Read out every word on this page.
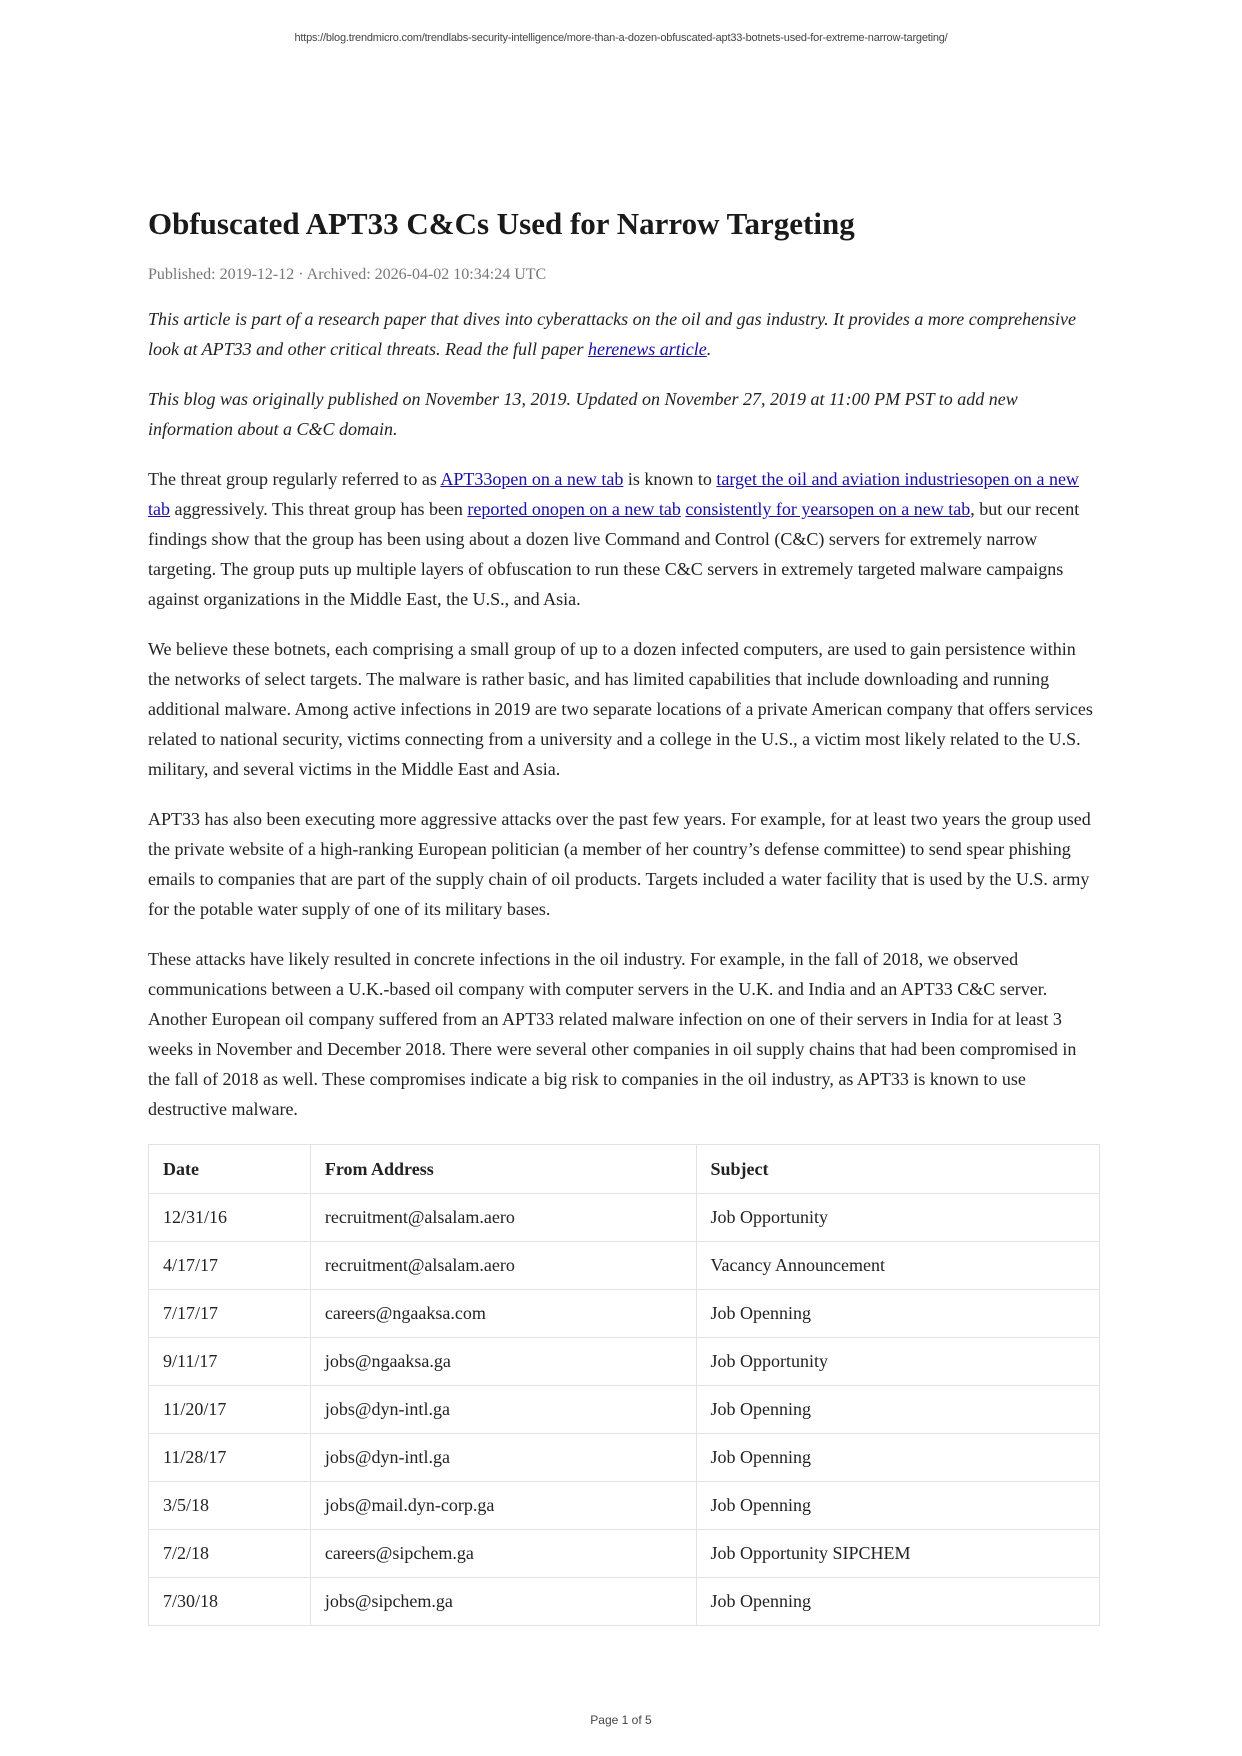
https://blog.trendmicro.com/trendlabs-security-intelligence/more-than-a-dozen-obfuscated-apt33-botnets-used-for-extreme-narrow-targeting/
Obfuscated APT33 C&Cs Used for Narrow Targeting
Published: 2019-12-12 · Archived: 2026-04-02 10:34:24 UTC

This article is part of a research paper that dives into cyberattacks on the oil and gas industry. It provides a more comprehensive look at APT33 and other critical threats. Read the full paper herenews article.

This blog was originally published on November 13, 2019. Updated on November 27, 2019 at 11:00 PM PST to add new information about a C&C domain.

The threat group regularly referred to as APT33open on a new tab is known to target the oil and aviation industriesopen on a new tab aggressively. This threat group has been reported onopen on a new tab consistently for yearsopen on a new tab, but our recent findings show that the group has been using about a dozen live Command and Control (C&C) servers for extremely narrow targeting. The group puts up multiple layers of obfuscation to run these C&C servers in extremely targeted malware campaigns against organizations in the Middle East, the U.S., and Asia.

We believe these botnets, each comprising a small group of up to a dozen infected computers, are used to gain persistence within the networks of select targets. The malware is rather basic, and has limited capabilities that include downloading and running additional malware. Among active infections in 2019 are two separate locations of a private American company that offers services related to national security, victims connecting from a university and a college in the U.S., a victim most likely related to the U.S. military, and several victims in the Middle East and Asia.

APT33 has also been executing more aggressive attacks over the past few years. For example, for at least two years the group used the private website of a high-ranking European politician (a member of her country’s defense committee) to send spear phishing emails to companies that are part of the supply chain of oil products. Targets included a water facility that is used by the U.S. army for the potable water supply of one of its military bases.

These attacks have likely resulted in concrete infections in the oil industry. For example, in the fall of 2018, we observed communications between a U.K.-based oil company with computer servers in the U.K. and India and an APT33 C&C server. Another European oil company suffered from an APT33 related malware infection on one of their servers in India for at least 3 weeks in November and December 2018. There were several other companies in oil supply chains that had been compromised in the fall of 2018 as well. These compromises indicate a big risk to companies in the oil industry, as APT33 is known to use destructive malware.

Date	From Address	Subject
12/31/16	recruitment@alsalam.aero	Job Opportunity
4/17/17	recruitment@alsalam.aero	Vacancy Announcement
7/17/17	careers@ngaaksa.com	Job Openning
9/11/17	jobs@ngaaksa.ga	Job Opportunity
11/20/17	jobs@dyn-intl.ga	Job Openning
11/28/17	jobs@dyn-intl.ga	Job Openning
3/5/18	jobs@mail.dyn-corp.ga	Job Openning
7/2/18	careers@sipchem.ga	Job Opportunity SIPCHEM
7/30/18	jobs@sipchem.ga	Job Openning
Page 1 of 5
